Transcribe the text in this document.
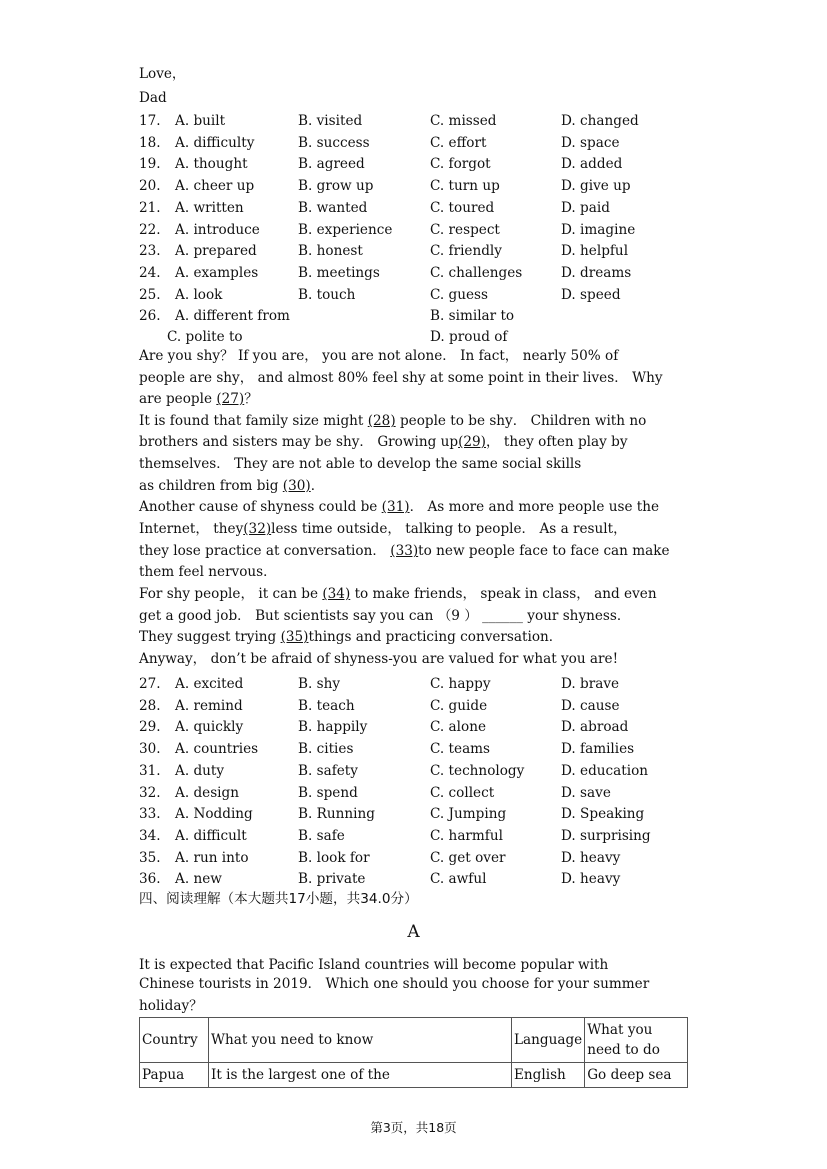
Love，
Dad
17. A. built	B. visited	C. missed	D. changed
18. A. difficulty	B. success	C. effort	D. space
19. A. thought	B. agreed	C. forgot	D. added
20. A. cheer up	B. grow up	C. turn up	D. give up
21. A. written	B. wanted	C. toured	D. paid
22. A. introduce	B. experience	C. respect	D. imagine
23. A. prepared	B. honest	C. friendly	D. helpful
24. A. examples	B. meetings	C. challenges	D. dreams
25. A. look	B. touch	C. guess	D. speed
26. A. different from	B. similar to
C. polite to	D. proud of
Are you shy？ If you are， you are not alone． In fact， nearly 50% of
people are shy， and almost 80% feel shy at some point in their lives． Why
are people (27)？
It is found that family size might (28) people to be shy． Children with no
brothers and sisters may be shy． Growing up(29)， they often play by
themselves． They are not able to develop the same social skills
as children from big (30)．
Another cause of shyness could be (31)． As more and more people use the
Internet， they(32)less time outside， talking to people． As a result，
they lose practice at conversation． (33)to new people face to face can make
them feel nervous．
For shy people， it can be (34) to make friends， speak in class， and even
get a good job． But scientists say you can （9 ） ______ your shyness．
They suggest trying (35)things and practicing conversation．
Anyway， don’t be afraid of shyness-you are valued for what you are!
27. A. excited	B. shy	C. happy	D. brave
28. A. remind	B. teach	C. guide	D. cause
29. A. quickly	B. happily	C. alone	D. abroad
30. A. countries	B. cities	C. teams	D. families
31. A. duty	B. safety	C. technology	D. education
32. A. design	B. spend	C. collect	D. save
33. A. Nodding	B. Running	C. Jumping	D. Speaking
34. A. difficult	B. safe	C. harmful	D. surprising
35. A. run into	B. look for	C. get over	D. heavy
36. A. new	B. private	C. awful	D. heavy
四、阅读理解（本大题共17小题，共34.0分）
A
It is expected that Pacific Island countries will become popular with
Chinese tourists in 2019． Which one should you choose for your summer
holiday？
Country	What you need to know	Language	What you need to do
Papua	It is the largest one of the	English	Go deep sea
第3页，共18页
